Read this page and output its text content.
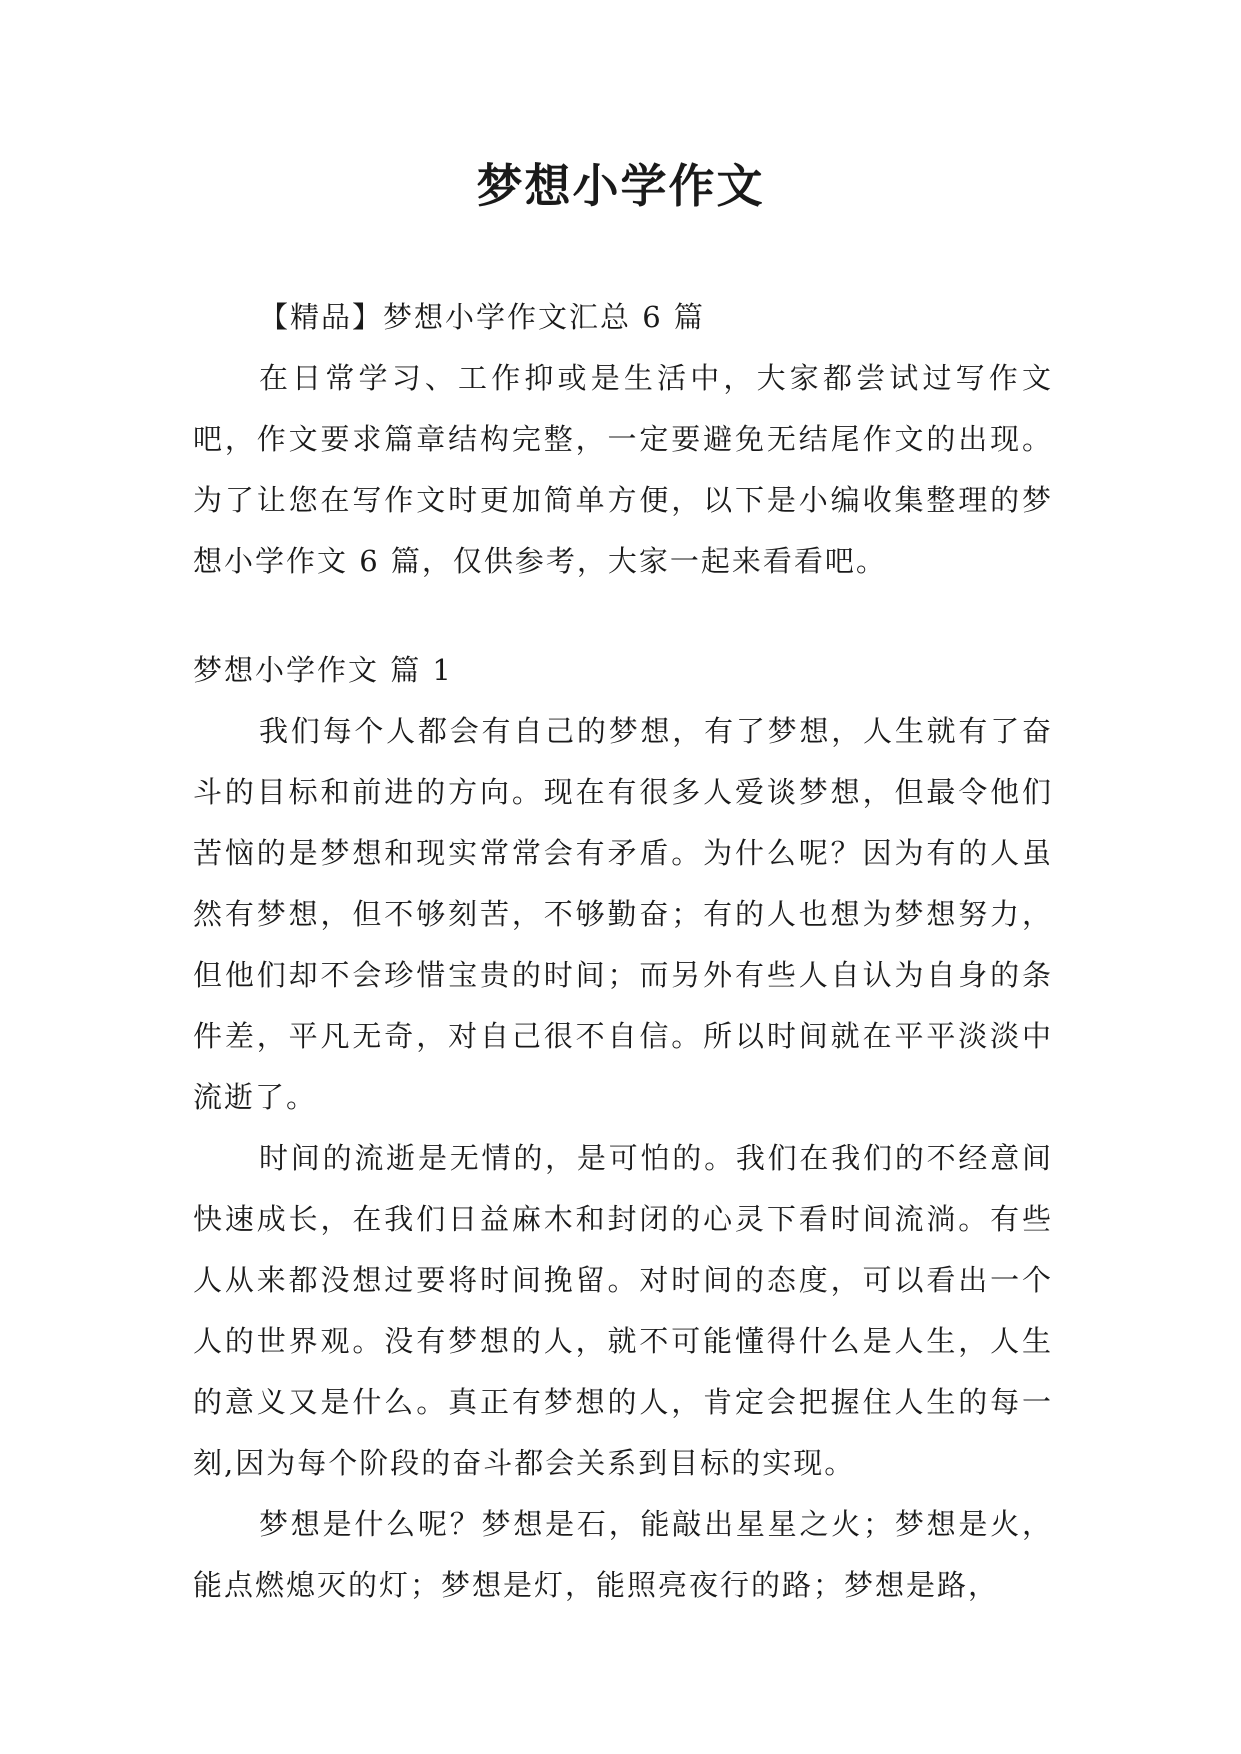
梦想小学作文

【精品】梦想小学作文汇总 6 篇

在日常学习、工作抑或是生活中，大家都尝试过写作文吧，作文要求篇章结构完整，一定要避免无结尾作文的出现。为了让您在写作文时更加简单方便，以下是小编收集整理的梦想小学作文 6 篇，仅供参考，大家一起来看看吧。

梦想小学作文 篇 1

我们每个人都会有自己的梦想，有了梦想，人生就有了奋斗的目标和前进的方向。现在有很多人爱谈梦想，但最令他们苦恼的是梦想和现实常常会有矛盾。为什么呢？因为有的人虽然有梦想，但不够刻苦，不够勤奋；有的人也想为梦想努力，但他们却不会珍惜宝贵的时间；而另外有些人自认为自身的条件差，平凡无奇，对自己很不自信。所以时间就在平平淡淡中流逝了。

时间的流逝是无情的，是可怕的。我们在我们的不经意间快速成长，在我们日益麻木和封闭的心灵下看时间流淌。有些人从来都没想过要将时间挽留。对时间的态度，可以看出一个人的世界观。没有梦想的人，就不可能懂得什么是人生，人生的意义又是什么。真正有梦想的人，肯定会把握住人生的每一刻,因为每个阶段的奋斗都会关系到目标的实现。

梦想是什么呢？梦想是石，能敲出星星之火；梦想是火，能点燃熄灭的灯；梦想是灯，能照亮夜行的路；梦想是路，
